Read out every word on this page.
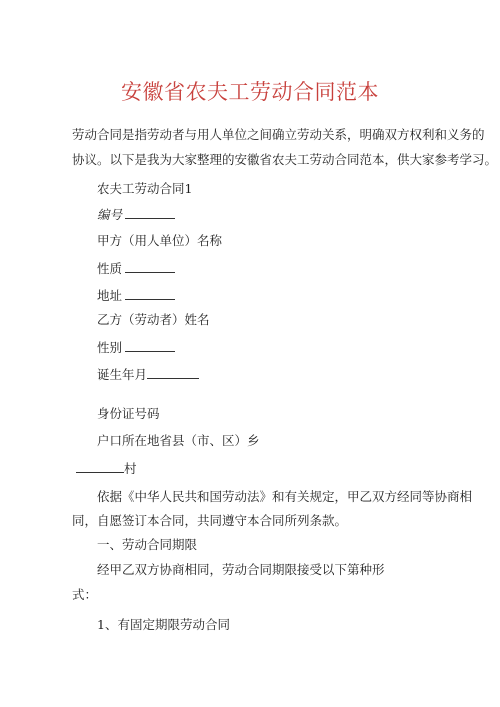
安徽省农夫工劳动合同范本
劳动合同是指劳动者与用人单位之间确立劳动关系，明确双方权利和义务的
协议。以下是我为大家整理的安徽省农夫工劳动合同范本，供大家参考学习。
农夫工劳动合同1
编号
甲方（用人单位）名称
性质
地址
乙方（劳动者）姓名
性别
诞生年月
身份证号码
户口所在地省县（市、区）乡
村
依据《中华人民共和国劳动法》和有关规定，甲乙双方经同等协商相
同，自愿签订本合同，共同遵守本合同所列条款。
一、劳动合同期限
经甲乙双方协商相同，劳动合同期限接受以下第种形
式：
1、有固定期限劳动合同
